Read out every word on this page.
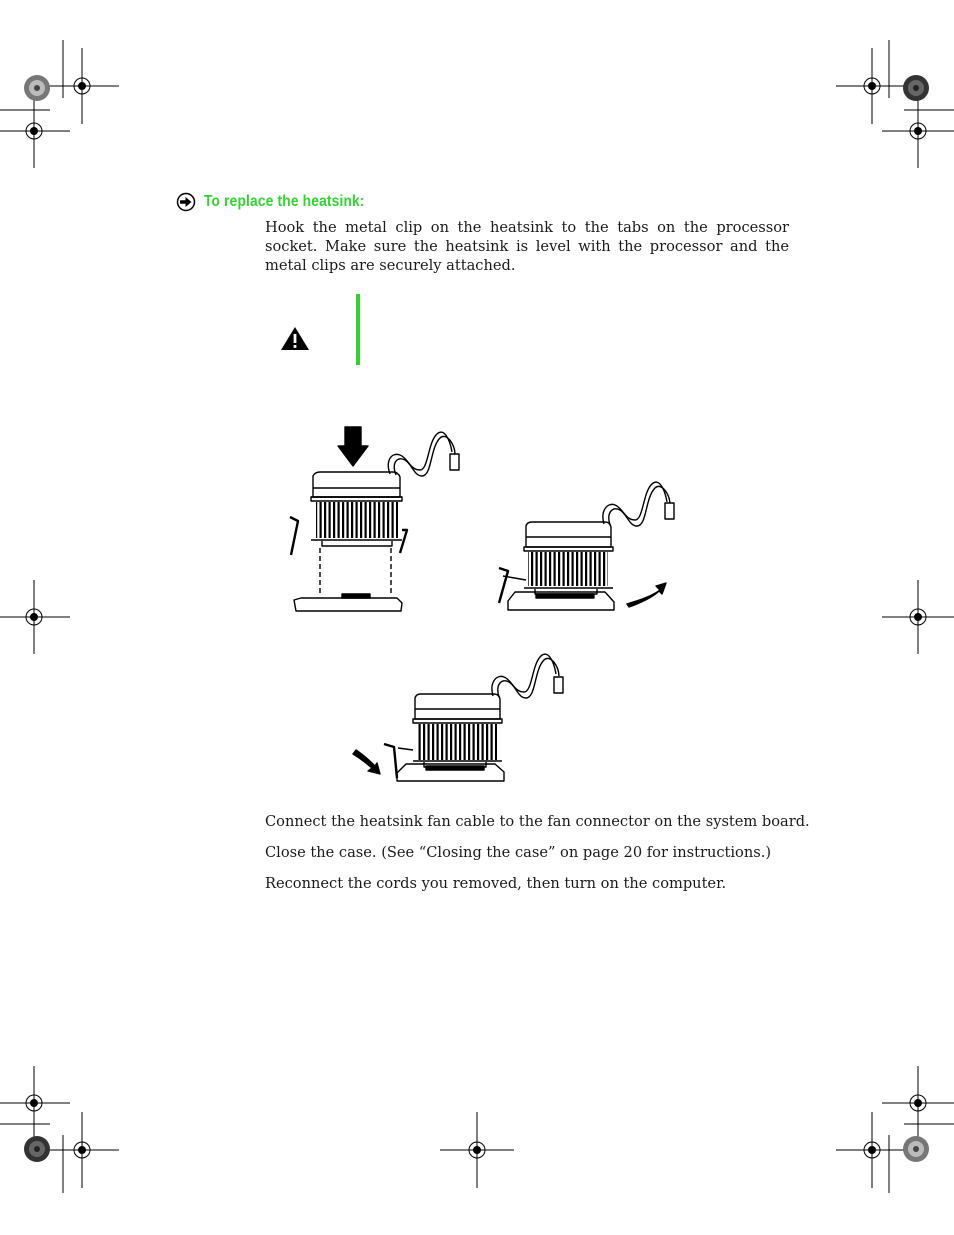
To replace the heatsink:
Hook the metal clip on the heatsink to the tabs on the processor socket. Make sure the heatsink is level with the processor and the metal clips are securely attached.
Connect the heatsink fan cable to the fan connector on the system board.
Close the case. (See “Closing the case” on page 20 for instructions.)
Reconnect the cords you removed, then turn on the computer.
